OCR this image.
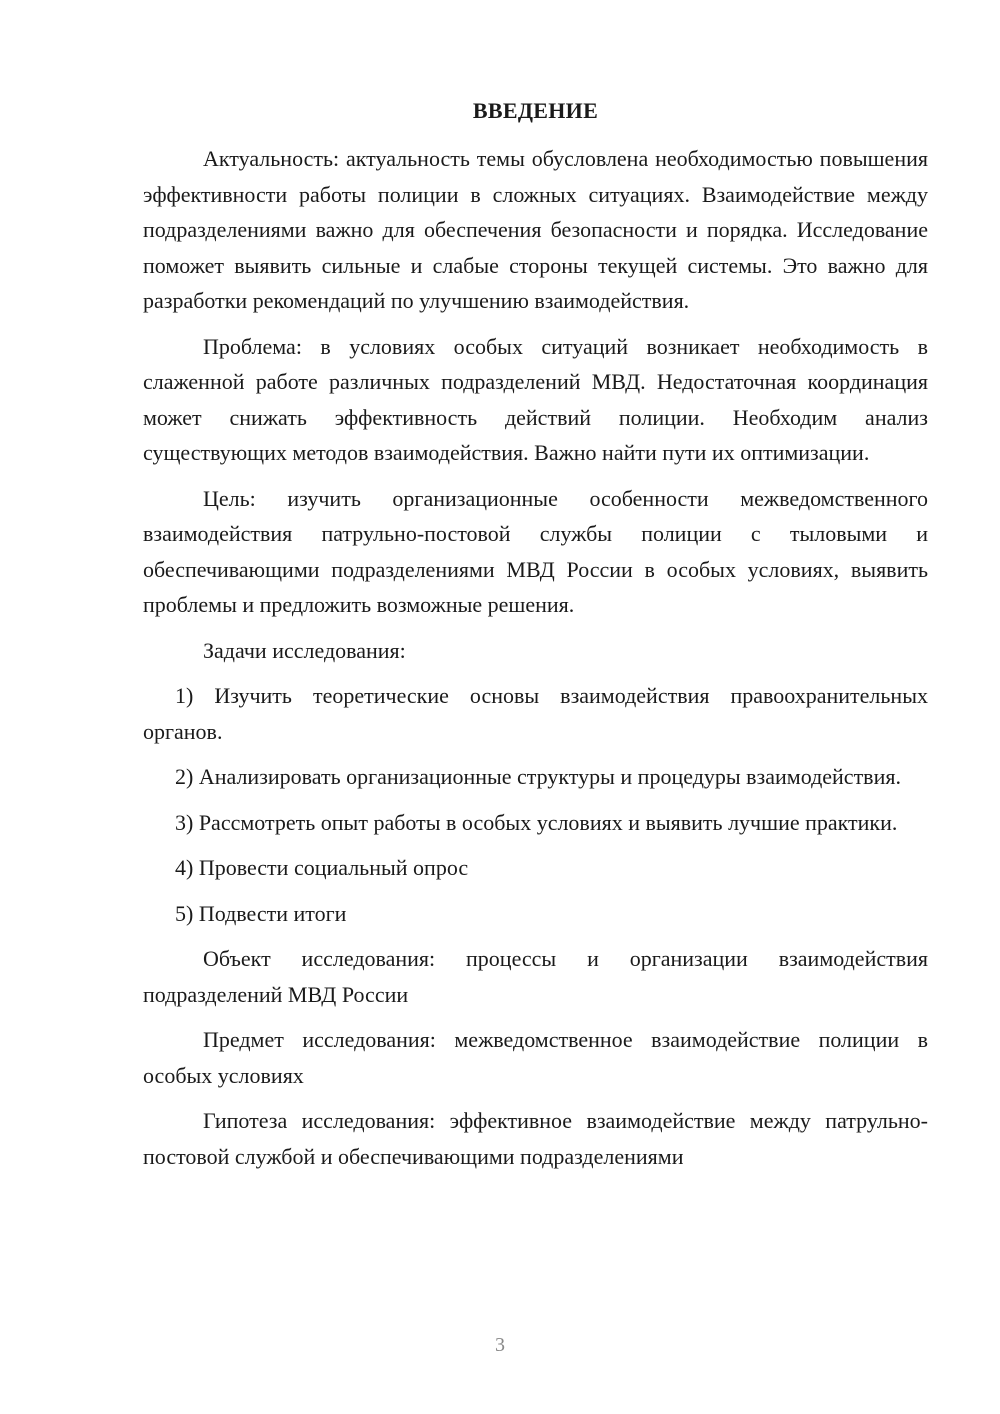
ВВЕДЕНИЕ

Актуальность: актуальность темы обусловлена необходимостью повышения эффективности работы полиции в сложных ситуациях. Взаимодействие между подразделениями важно для обеспечения безопасности и порядка. Исследование поможет выявить сильные и слабые стороны текущей системы. Это важно для разработки рекомендаций по улучшению взаимодействия.

Проблема: в условиях особых ситуаций возникает необходимость в слаженной работе различных подразделений МВД. Недостаточная координация может снижать эффективность действий полиции. Необходим анализ существующих методов взаимодействия. Важно найти пути их оптимизации.

Цель: изучить организационные особенности межведомственного взаимодействия патрульно-постовой службы полиции с тыловыми и обеспечивающими подразделениями МВД России в особых условиях, выявить проблемы и предложить возможные решения.

Задачи исследования:

1) Изучить теоретические основы взаимодействия правоохранительных органов.

2) Анализировать организационные структуры и процедуры взаимодействия.

3) Рассмотреть опыт работы в особых условиях и выявить лучшие практики.

4) Провести социальный опрос

5) Подвести итоги

Объект исследования: процессы и организации взаимодействия подразделений МВД России

Предмет исследования: межведомственное взаимодействие полиции в особых условиях

Гипотеза исследования: эффективное взаимодействие между патрульно-постовой службой и обеспечивающими подразделениями

3
